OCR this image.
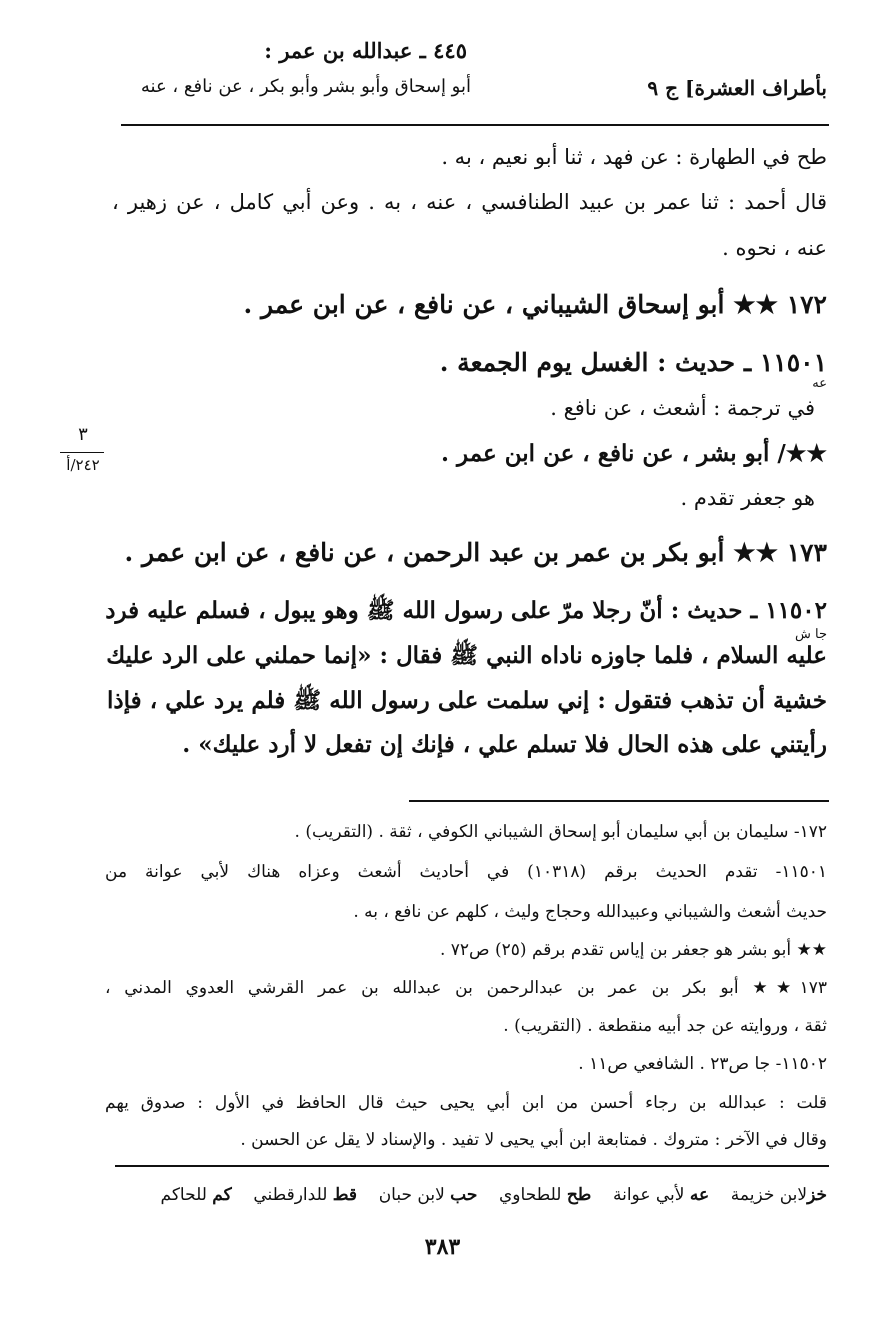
٤٤٥ ـ عبدالله بن عمر :
بأطراف العشرة] ج ٩
أبو إسحاق وأبو بشر وأبو بكر ، عن نافع ، عنه
طح في الطهارة : عن فهد ، ثنا أبو نعيم ، به .
قال أحمد : ثنا عمر بن عبيد الطنافسي ، عنه ، به . وعن أبي كامل ، عن زهير ،
عنه ، نحوه .
١٧٢ ★★ أبو إسحاق الشيباني ، عن نافع ، عن ابن عمر .
١١٥٠١ ـ حديث : الغسل يوم الجمعة .
عه
في ترجمة : أشعث ، عن نافع .
★★/ أبو بشر ، عن نافع ، عن ابن عمر .
هو جعفر تقدم .
١٧٣ ★★ أبو بكر بن عمر بن عبد الرحمن ، عن نافع ، عن ابن عمر .
١١٥٠٢ ـ حديث : أنّ رجلا مرّ على رسول الله ﷺ وهو يبول ، فسلم عليه فرد
جا ش
عليه السلام ، فلما جاوزه ناداه النبي ﷺ فقال : «إنما حملني على الرد عليك
خشية أن تذهب فتقول : إني سلمت على رسول الله ﷺ فلم يرد علي ، فإذا
رأيتني على هذه الحال فلا تسلم علي ، فإنك إن تفعل لا أرد عليك» .
٣
٢٤٢/أ
١٧٢- سليمان بن أبي سليمان أبو إسحاق الشيباني الكوفي ، ثقة . (التقريب) .
١١٥٠١- تقدم الحديث برقم (١٠٣١٨) في أحاديث أشعث وعزاه هناك لأبي عوانة من
حديث أشعث والشيباني وعبيدالله وحجاج وليث ، كلهم عن نافع ، به .
★★ أبو بشر هو جعفر بن إياس تقدم برقم (٢٥) ص٧٢ .
١٧٣★★ أبو بكر بن عمر بن عبدالرحمن بن عبدالله بن عمر القرشي العدوي المدني ،
ثقة ، وروايته عن جد أبيه منقطعة . (التقريب) .
١١٥٠٢- جا ص٢٣ . الشافعي ص١١ .
قلت : عبدالله بن رجاء أحسن من ابن أبي يحيى حيث قال الحافظ في الأول : صدوق يهم
وقال في الآخر : متروك . فمتابعة ابن أبي يحيى لا تفيد . والإسناد لا يقل عن الحسن .
خزلابن خزيمة    عه لأبي عوانة    طح للطحاوي    حب لابن حبان    قط للدارقطني    كم للحاكم
٣٨٣
